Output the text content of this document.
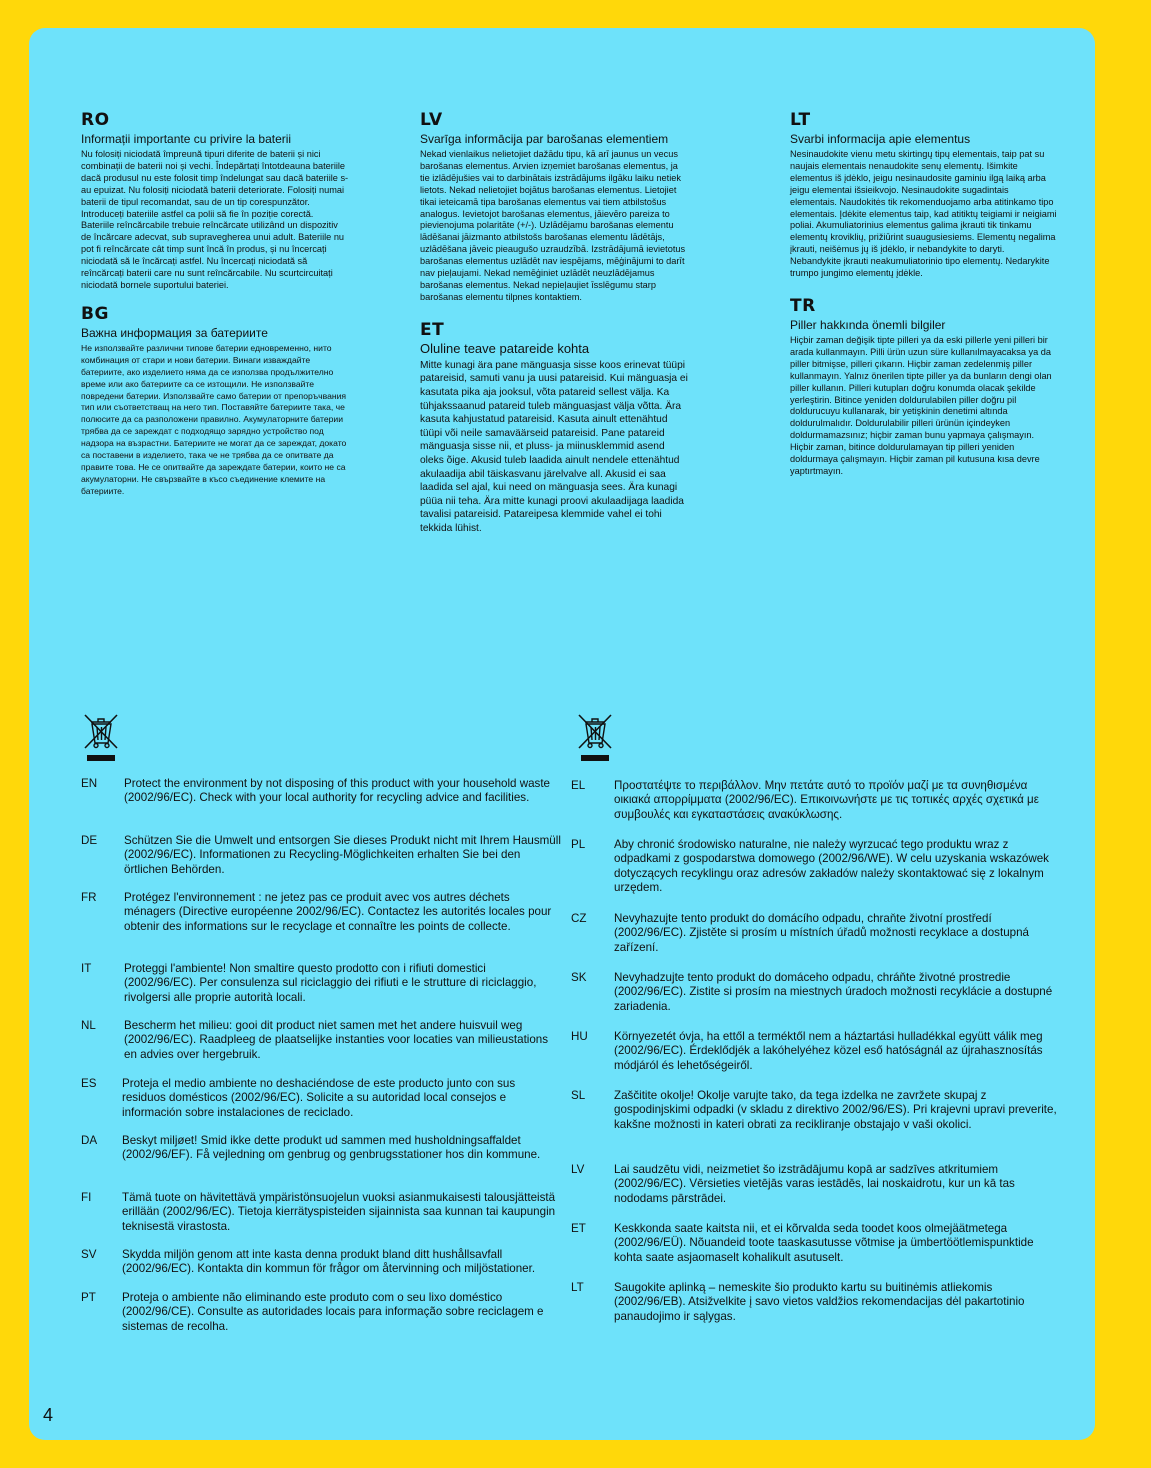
RO
Informații importante cu privire la baterii

Nu folosiți niciodată împreună tipuri diferite de baterii și nici combinații de baterii noi și vechi. Îndepărtați întotdeauna bateriile dacă produsul nu este folosit timp îndelungat sau dacă bateriile s-au epuizat. Nu folosiți niciodată baterii deteriorate. Folosiți numai baterii de tipul recomandat, sau de un tip corespunzător. Introduceți bateriile astfel ca polii să fie în poziție corectă. Bateriile reîncărcabile trebuie reîncărcate utilizând un dispozitiv de încărcare adecvat, sub supravegherea unui adult. Bateriile nu pot fi reîncărcate cât timp sunt încă în produs, și nu încercați niciodată să le încărcați astfel. Nu încercați niciodată să reîncărcați baterii care nu sunt reîncărcabile. Nu scurtcircuitați niciodată bornele suportului bateriei.

BG
Важна информация за батериите

Не използвайте различни типове батерии едновременно, нито комбинация от стари и нови батерии. Винаги изваждайте батериите, ако изделието няма да се използва продължително време или ако батериите са се изтощили. Не използвайте повредени батерии. Използвайте само батерии от препоръчвания тип или съответстващ на него тип. Поставяйте батериите така, че полюсите да са разположени правилно. Акумулаторните батерии трябва да се зареждат с подходящо зарядно устройство под надзора на възрастни. Батериите не могат да се зареждат, докато са поставени в изделието, така че не трябва да се опитвате да правите това. Не се опитвайте да зареждате батерии, които не са акумулаторни. Не свързвайте в късо съединение клемите на батериите.

LV
Svarīga informācija par barošanas elementiem

Nekad vienlaikus nelietojiet dažādu tipu, kā arī jaunus un vecus barošanas elementus. Arvien izņemiet barošanas elementus, ja tie izlādējušies vai to darbinātais izstrādājums ilgāku laiku netiek lietots. Nekad nelietojiet bojātus barošanas elementus. Lietojiet tikai ieteicamā tipa barošanas elementus vai tiem atbilstošus analogus. Ievietojot barošanas elementus, jāievēro pareiza to pievienojuma polaritāte (+/-). Uzlādējamu barošanas elementu lādēšanai jāizmanto atbilstošs barošanas elementu lādētājs, uzlādēšana jāveic pieaugušo uzraudzībā. Izstrādājumā ievietotus barošanas elementus uzlādēt nav iespējams, mēģinājumi to darīt nav pieļaujami. Nekad nemēģiniet uzlādēt neuzlādējamus barošanas elementus. Nekad nepieļaujiet īsslēgumu starp barošanas elementu tilpnes kontaktiem.

ET
Oluline teave patareide kohta

Mitte kunagi ära pane mänguasja sisse koos erinevat tüüpi patareisid, samuti vanu ja uusi patareisid. Kui mänguasja ei kasutata pika aja jooksul, võta patareid sellest välja. Ka tühjakssaanud patareid tuleb mänguasjast välja võtta. Ära kasuta kahjustatud patareisid. Kasuta ainult ettenähtud tüüpi või neile samaväärseid patareisid. Pane patareid mänguasja sisse nii, et pluss- ja miinusklemmid asend oleks õige. Akusid tuleb laadida ainult nendele ettenähtud akulaadija abil täiskasvanu järelvalve all. Akusid ei saa laadida sel ajal, kui need on mänguasja sees. Ära kunagi püüa nii teha. Ära mitte kunagi proovi akulaadijaga laadida tavalisi patareisid. Patareipesa klemmide vahel ei tohi tekkida lühist.

LT
Svarbi informacija apie elementus

Nesinaudokite vienu metu skirtingų tipų elementais, taip pat su naujais elementais nenaudokite senų elementų. Išimkite elementus iš įdėklo, jeigu nesinaudosite gaminiu ilgą laiką arba jeigu elementai išsieikvojo. Nesinaudokite sugadintais elementais. Naudokitės tik rekomenduojamo arba atitinkamo tipo elementais. Įdėkite elementus taip, kad atitiktų teigiami ir neigiami poliai. Akumuliatorinius elementus galima įkrauti tik tinkamu elementų kroviklių, prižiūrint suaugusiesiems. Elementų negalima įkrauti, neišėmus jų iš įdėklo, ir nebandykite to daryti. Nebandykite įkrauti neakumuliatorinio tipo elementų. Nedarykite trumpo jungimo elementų įdėkle.

TR
Piller hakkında önemli bilgiler

Hiçbir zaman değişik tipte pilleri ya da eski pillerle yeni pilleri bir arada kullanmayın. Pilli ürün uzun süre kullanılmayacaksa ya da piller bitmişse, pilleri çıkarın. Hiçbir zaman zedelenmiş piller kullanmayın. Yalnız önerilen tipte piller ya da bunların dengi olan piller kullanın. Pilleri kutupları doğru konumda olacak şekilde yerleştirin. Bitince yeniden doldurulabilen piller doğru pil doldurucuyu kullanarak, bir yetişkinin denetimi altında doldurulmalıdır. Doldurulabilir pilleri ürünün içindeyken doldurmamazsınız; hiçbir zaman bunu yapmaya çalışmayın. Hiçbir zaman, bitince doldurulamayan tip pilleri yeniden doldurmaya çalışmayın. Hiçbir zaman pil kutusuna kısa devre yaptırtmayın.

EN Protect the environment by not disposing of this product with your household waste (2002/96/EC). Check with your local authority for recycling advice and facilities.
DE Schützen Sie die Umwelt und entsorgen Sie dieses Produkt nicht mit Ihrem Hausmüll (2002/96/EC). Informationen zu Recycling-Möglichkeiten erhalten Sie bei den örtlichen Behörden.
FR Protégez l'environnement : ne jetez pas ce produit avec vos autres déchets ménagers (Directive européenne 2002/96/EC). Contactez les autorités locales pour obtenir des informations sur le recyclage et connaître les points de collecte.
IT	Proteggi l'ambiente! Non smaltire questo prodotto con i rifiuti domestici (2002/96/EC). Per consulenza sul riciclaggio dei rifiuti e le strutture di riciclaggio, rivolgersi alle proprie autorità locali.
NL Bescherm het milieu: gooi dit product niet samen met het andere huisvuil weg (2002/96/EC). Raadpleeg de plaatselijke instanties voor locaties van milieustations en advies over hergebruik.
ES Proteja el medio ambiente no deshaciéndose de este producto junto con sus residuos domésticos (2002/96/EC). Solicite a su autoridad local consejos e información sobre instalaciones de reciclado.
DA Beskyt miljøet! Smid ikke dette produkt ud sammen med husholdningsaffaldet (2002/96/EF). Få vejledning om genbrug og genbrugsstationer hos din kommune.
FI	Tämä tuote on hävitettävä ympäristönsuojelun vuoksi asianmukaisesti talousjätteistä erillään (2002/96/EC). Tietoja kierrätyspisteiden sijainnista saa kunnan tai kaupungin teknisestä virastosta.
SV Skydda miljön genom att inte kasta denna produkt bland ditt hushållsavfall (2002/96/EC). Kontakta din kommun för frågor om återvinning och miljöstationer.
PT Proteja o ambiente não eliminando este produto com o seu lixo doméstico (2002/96/CE). Consulte as autoridades locais para informação sobre reciclagem e sistemas de recolha.
EL Προστατέψτε το περιβάλλον. Μην πετάτε αυτό το προϊόν μαζί με τα συνηθισμένα οικιακά απορρίμματα (2002/96/EC). Επικοινωνήστε με τις τοπικές αρχές σχετικά με συμβουλές και εγκαταστάσεις ανακύκλωσης.
PL Aby chronić środowisko naturalne, nie należy wyrzucać tego produktu wraz z odpadkami z gospodarstwa domowego (2002/96/WE). W celu uzyskania wskazówek dotyczących recyklingu oraz adresów zakładów należy skontaktować się z lokalnym urzędem.
CZ Nevyhazujte tento produkt do domácího odpadu, chraňte životní prostředí (2002/96/EC). Zjistěte si prosím u místních úřadů možnosti recyklace a dostupná zařízení.
SK Nevyhadzujte tento produkt do domáceho odpadu, chráňte životné prostredie (2002/96/EC). Zistite si prosím na miestnych úradoch možnosti recyklácie a dostupné zariadenia.
HU Környezetét óvja, ha ettől a terméktől nem a háztartási hulladékkal együtt válik meg (2002/96/EC). Érdeklődjék a lakóhelyéhez közel eső hatóságnál az újrahasznosítás módjáról és lehetőségeiről.
SL Zaščitite okolje! Okolje varujte tako, da tega izdelka ne zavržete skupaj z gospodinjskimi odpadki (v skladu z direktivo 2002/96/ES). Pri krajevni upravi preverite, kakšne možnosti in kateri obrati za recikliranje obstajajo v vaši okolici.
LV	Lai saudzētu vidi, neizmetiet šo izstrādājumu kopā ar sadzīves atkritumiem (2002/96/EC). Vērsieties vietējās varas iestādēs, lai noskaidrotu, kur un kā tas nododams pārstrādei.
ET Keskkonda saate kaitsta nii, et ei kõrvalda seda toodet koos olmejäätmetega (2002/96/EÜ). Nõuandeid toote taaskasutusse võtmise ja ümbertöötlemispunktide kohta saate asjaomaselt kohalikult asutuselt.
LT	Saugokite aplinką – nemeskite šio produkto kartu su buitinėmis atliekomis (2002/96/EB). Atsižvelkite į savo vietos valdžios rekomendacijas dėl pakartotinio panaudojimo ir sąlygas.
4
